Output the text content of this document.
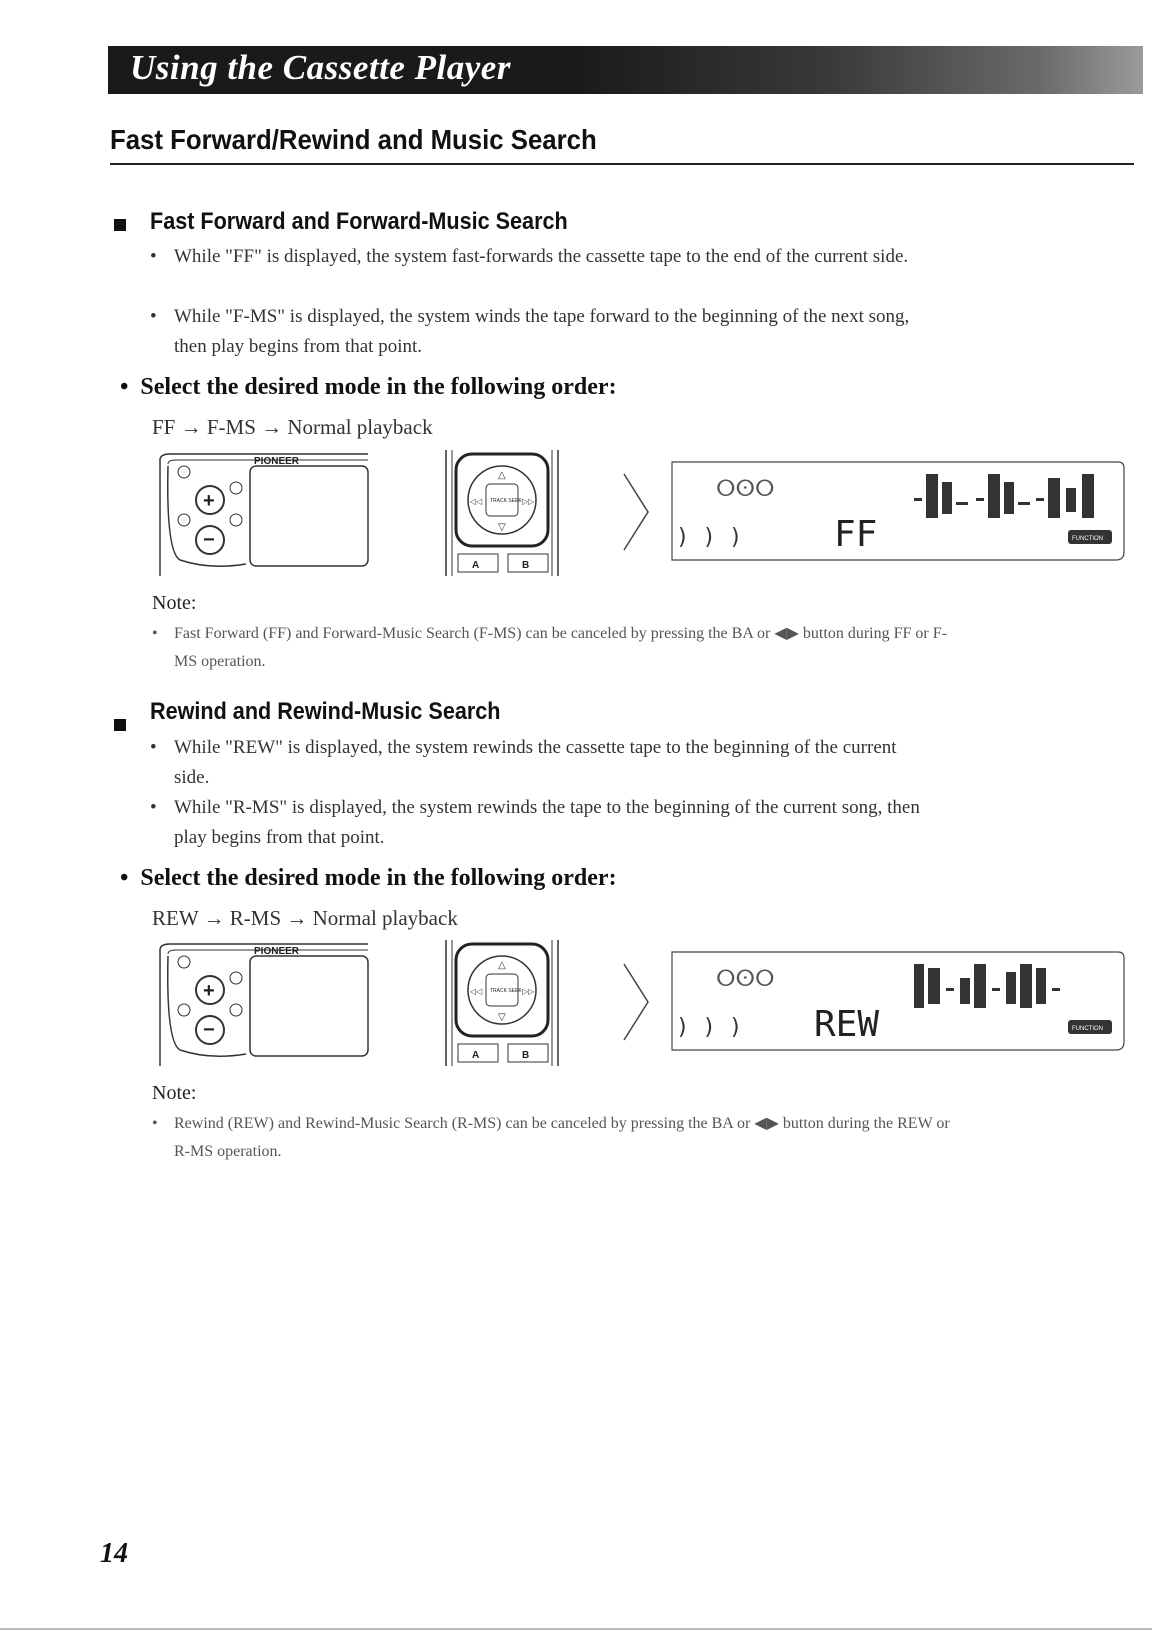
Using the Cassette Player
Fast Forward/Rewind and Music Search
Fast Forward and Forward-Music Search
• While "FF" is displayed, the system fast-forwards the cassette tape to the end of the current side.
• While "F-MS" is displayed, the system winds the tape forward to the beginning of the next song, then play begins from that point.
• Select the desired mode in the following order:
FF → F-MS → Normal playback
+
−
PIONEER
TRACK SEEK
△
▽
◁◁	▷▷
A	B
ⵔⵙⵔ
) ) )	FF	FUNCTION
Note:
• Fast Forward (FF) and Forward-Music Search (F-MS) can be canceled by pressing the BA or ◀▶ button during FF or F-MS operation.
Rewind and Rewind-Music Search
• While "REW" is displayed, the system rewinds the cassette tape to the beginning of the current side.
• While "R-MS" is displayed, the system rewinds the tape to the beginning of the current song, then play begins from that point.
• Select the desired mode in the following order:
REW → R-MS → Normal playback
+
−
PIONEER
TRACK SEEK
△
▽
◁◁	▷▷
A	B
ⵔⵙⵔ
) ) ) REW	FUNCTION
Note:
• Rewind (REW) and Rewind-Music Search (R-MS) can be canceled by pressing the BA or ◀▶ button during the REW or R-MS operation.
14
